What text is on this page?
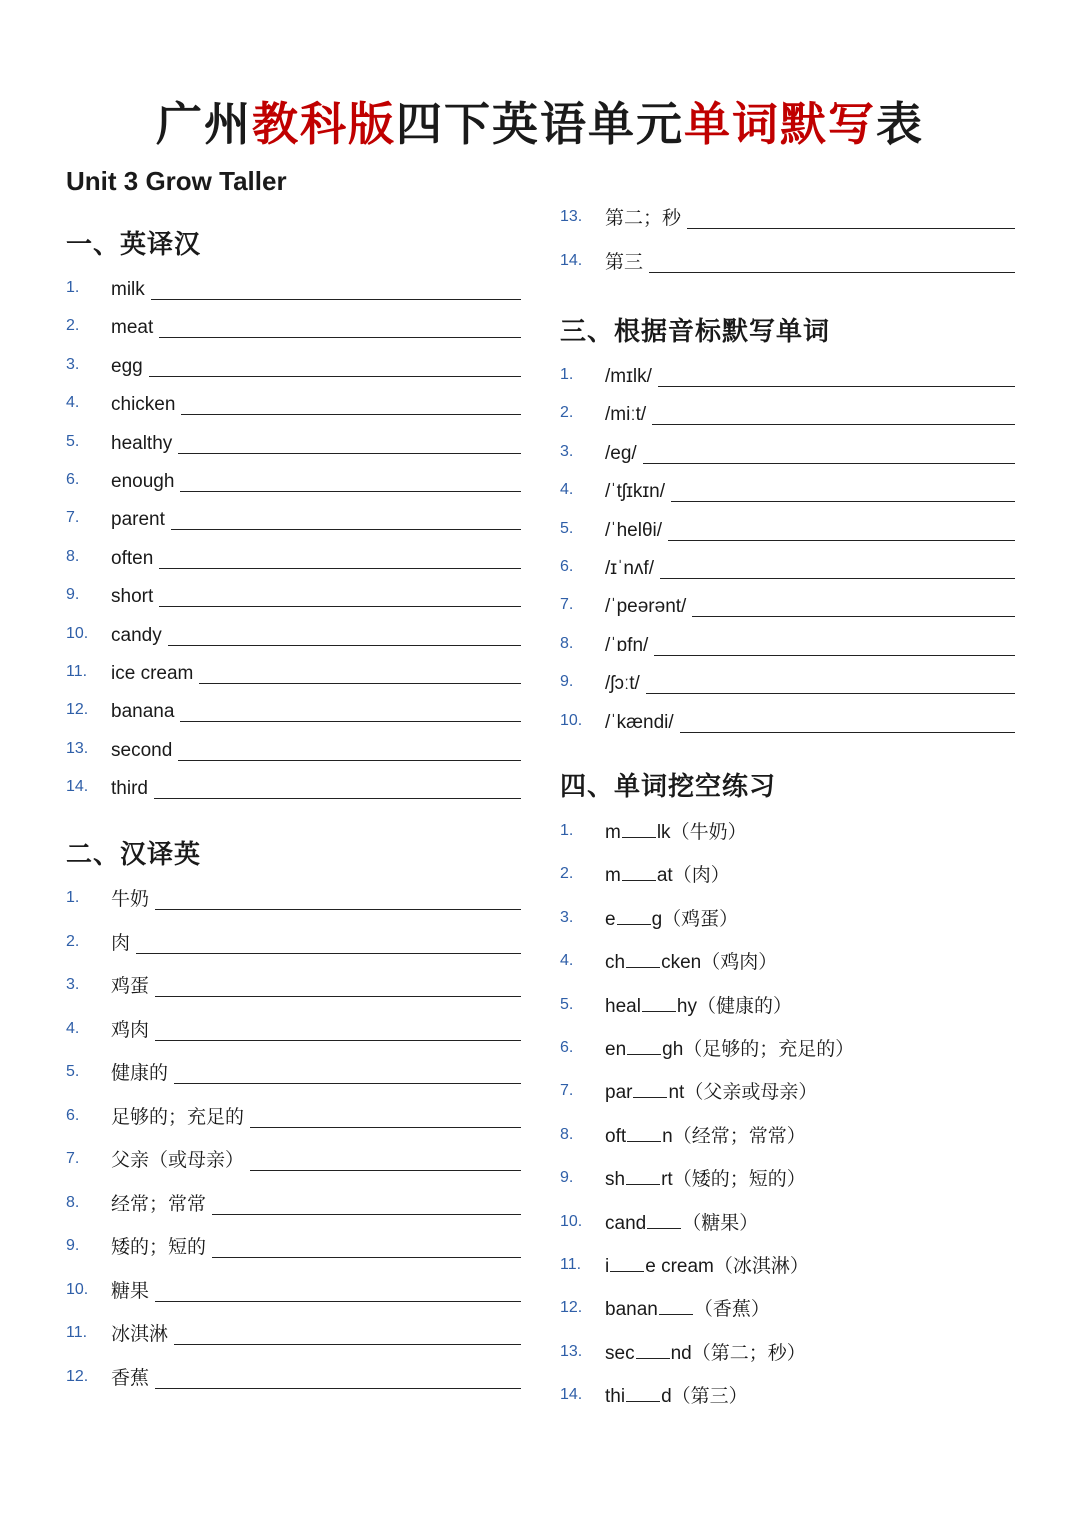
广州教科版四下英语单元单词默写表
Unit 3 Grow Taller
一、英译汉
1. milk
2. meat
3. egg
4. chicken
5. healthy
6. enough
7. parent
8. often
9. short
10. candy
11. ice cream
12. banana
13. second
14. third
二、汉译英
1. 牛奶
2. 肉
3. 鸡蛋
4. 鸡肉
5. 健康的
6. 足够的；充足的
7. 父亲（或母亲）
8. 经常；常常
9. 矮的；短的
10. 糖果
11. 冰淇淋
12. 香蕉
13. 第二；秒
14. 第三
三、根据音标默写单词
1. /mɪlk/
2. /miːt/
3. /eg/
4. /ˈtʃɪkɪn/
5. /ˈhelθi/
6. /ɪˈnʌf/
7. /ˈpeərənt/
8. /ˈɒfn/
9. /ʃɔːt/
10. /ˈkændi/
四、单词挖空练习
1. m lk（牛奶）
2. m at（肉）
3. e g（鸡蛋）
4. ch cken（鸡肉）
5. heal hy（健康的）
6. en gh（足够的；充足的）
7. par nt（父亲或母亲）
8. oft n（经常；常常）
9. sh rt（矮的；短的）
10. cand （糖果）
11. i e cream（冰淇淋）
12. banan （香蕉）
13. sec nd（第二；秒）
14. thi d（第三）
